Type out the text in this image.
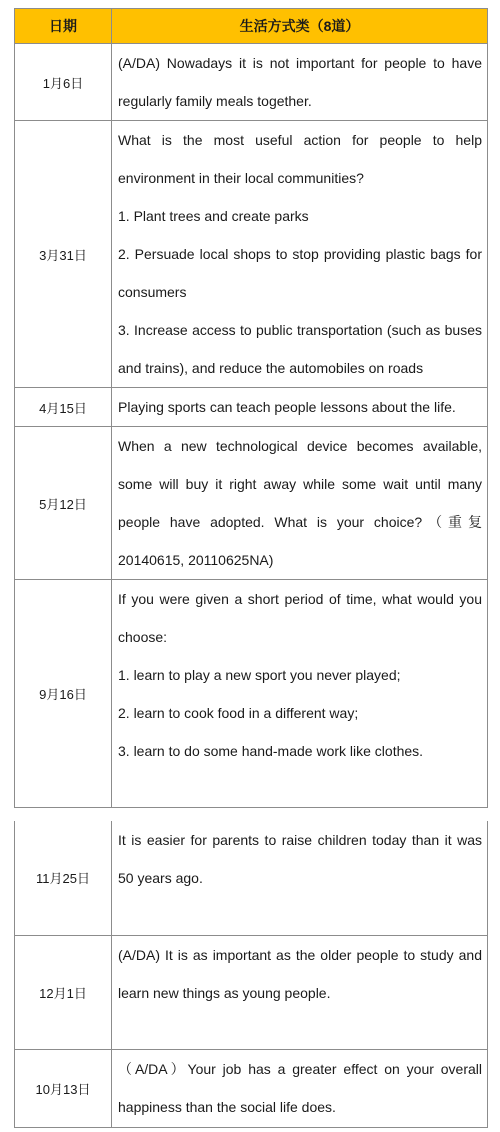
日期	生活方式类（8道）
1月6日	(A/DA) Nowadays it is not important for people to have regularly family meals together.

3月31日	What is the most useful action for people to help environment in their local communities?

1. Plant trees and create parks

2. Persuade local shops to stop providing plastic bags for consumers

3. Increase access to public transportation (such as buses and trains), and reduce the automobiles on roads

4月15日	Playing sports can teach people lessons about the life.

5月12日	When a new technological device becomes available, some will buy it right away while some wait until many people have adopted. What is your choice?（重复 20140615, 20110625NA)

9月16日	If you were given a short period of time, what would you choose:

1. learn to play a new sport you never played;

2. learn to cook food in a different way;

3. learn to do some hand-made work like clothes.

11月25日	It is easier for parents to raise children today than it was 50 years ago.

12月1日	(A/DA) It is as important as the older people to study and learn new things as young people.

10月13日	（A/DA）Your job has a greater effect on your overall happiness than the social life does.
